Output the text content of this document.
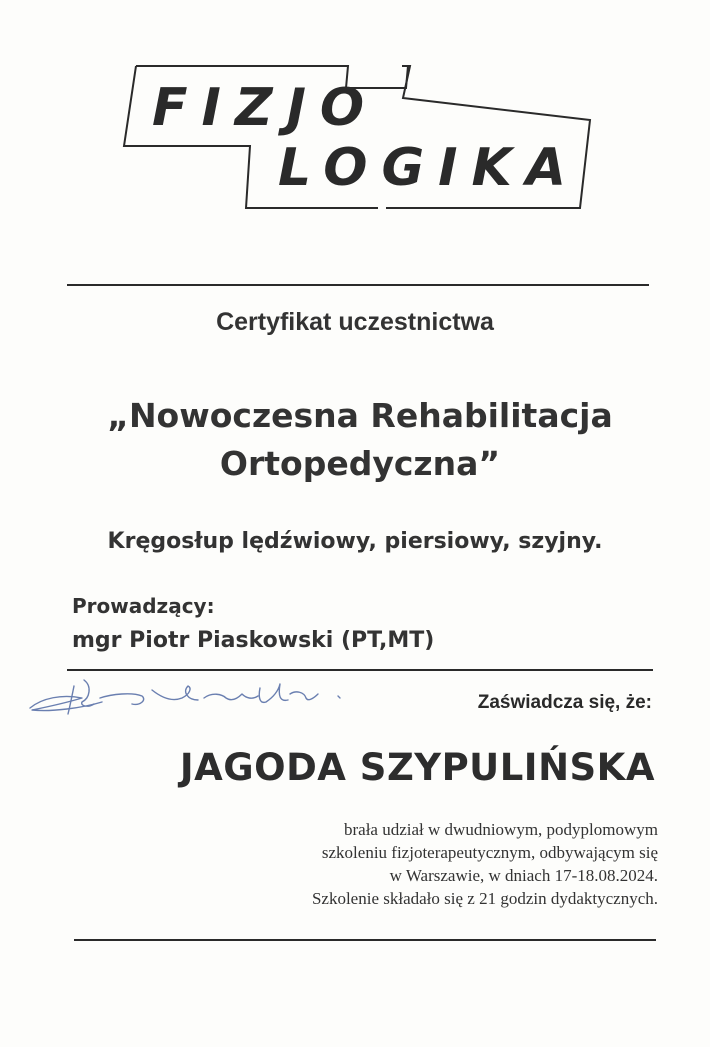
FIZJO
LOGIKA
Certyfikat uczestnictwa
„Nowoczesna Rehabilitacja
Ortopedyczna”
Kręgosłup lędźwiowy, piersiowy, szyjny.
Prowadzący:
mgr Piotr Piaskowski (PT,MT)
Zaświadcza się, że:
JAGODA SZYPULIŃSKA
brała udział w dwudniowym, podyplomowym
szkoleniu fizjoterapeutycznym, odbywającym się
w Warszawie, w dniach 17-18.08.2024.
Szkolenie składało się z 21 godzin dydaktycznych.
